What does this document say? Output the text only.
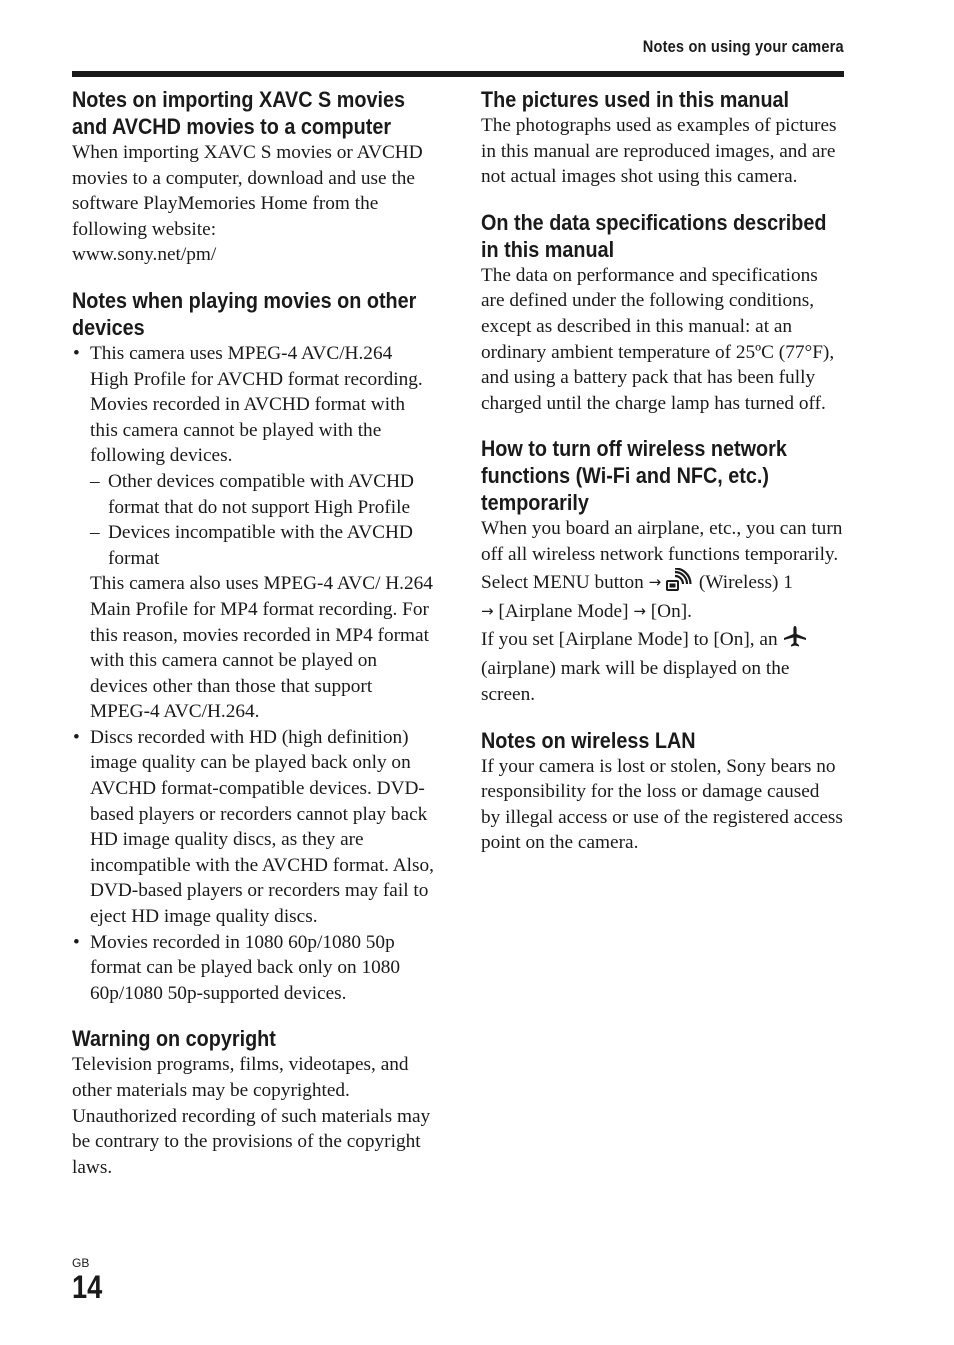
Notes on using your camera
Notes on importing XAVC S movies
and AVCHD movies to a computer

When importing XAVC S movies or AVCHD movies to a computer, download and use the software PlayMemories Home from the following website:

www.sony.net/pm/

Notes when playing movies on other
devices
• This camera uses MPEG-4 AVC/H.264 High Profile for AVCHD format recording. Movies recorded in AVCHD format with this camera cannot be played with the following devices.
– Other devices compatible with AVCHD format that do not support High Profile
– Devices incompatible with the AVCHD format
This camera also uses MPEG-4 AVC/ H.264 Main Profile for MP4 format recording. For this reason, movies recorded in MP4 format with this camera cannot be played on devices other than those that support MPEG-4 AVC/H.264.
• Discs recorded with HD (high definition) image quality can be played back only on AVCHD format-compatible devices. DVD-based players or recorders cannot play back HD image quality discs, as they are incompatible with the AVCHD format. Also, DVD-based players or recorders may fail to eject HD image quality discs.
• Movies recorded in 1080 60p/1080 50p format can be played back only on 1080 60p/1080 50p-supported devices.
Warning on copyright

Television programs, films, videotapes, and other materials may be copyrighted. Unauthorized recording of such materials may be contrary to the provisions of the copyright laws.

The pictures used in this manual

The photographs used as examples of pictures in this manual are reproduced images, and are not actual images shot using this camera.

On the data specifications described
in this manual

The data on performance and specifications are defined under the following conditions, except as described in this manual: at an ordinary ambient temperature of 25ºC (77°F), and using a battery pack that has been fully charged until the charge lamp has turned off.

How to turn off wireless network
functions (Wi-Fi and NFC, etc.)
temporarily

When you board an airplane, etc., you can turn off all wireless network functions temporarily.

Select MENU button → (Wireless) 1
→ [Airplane Mode] → [On].

If you set [Airplane Mode] to [On], an  (airplane) mark will be displayed on the screen.

Notes on wireless LAN

If your camera is lost or stolen, Sony bears no responsibility for the loss or damage caused by illegal access or use of the registered access point on the camera.

GB
14
